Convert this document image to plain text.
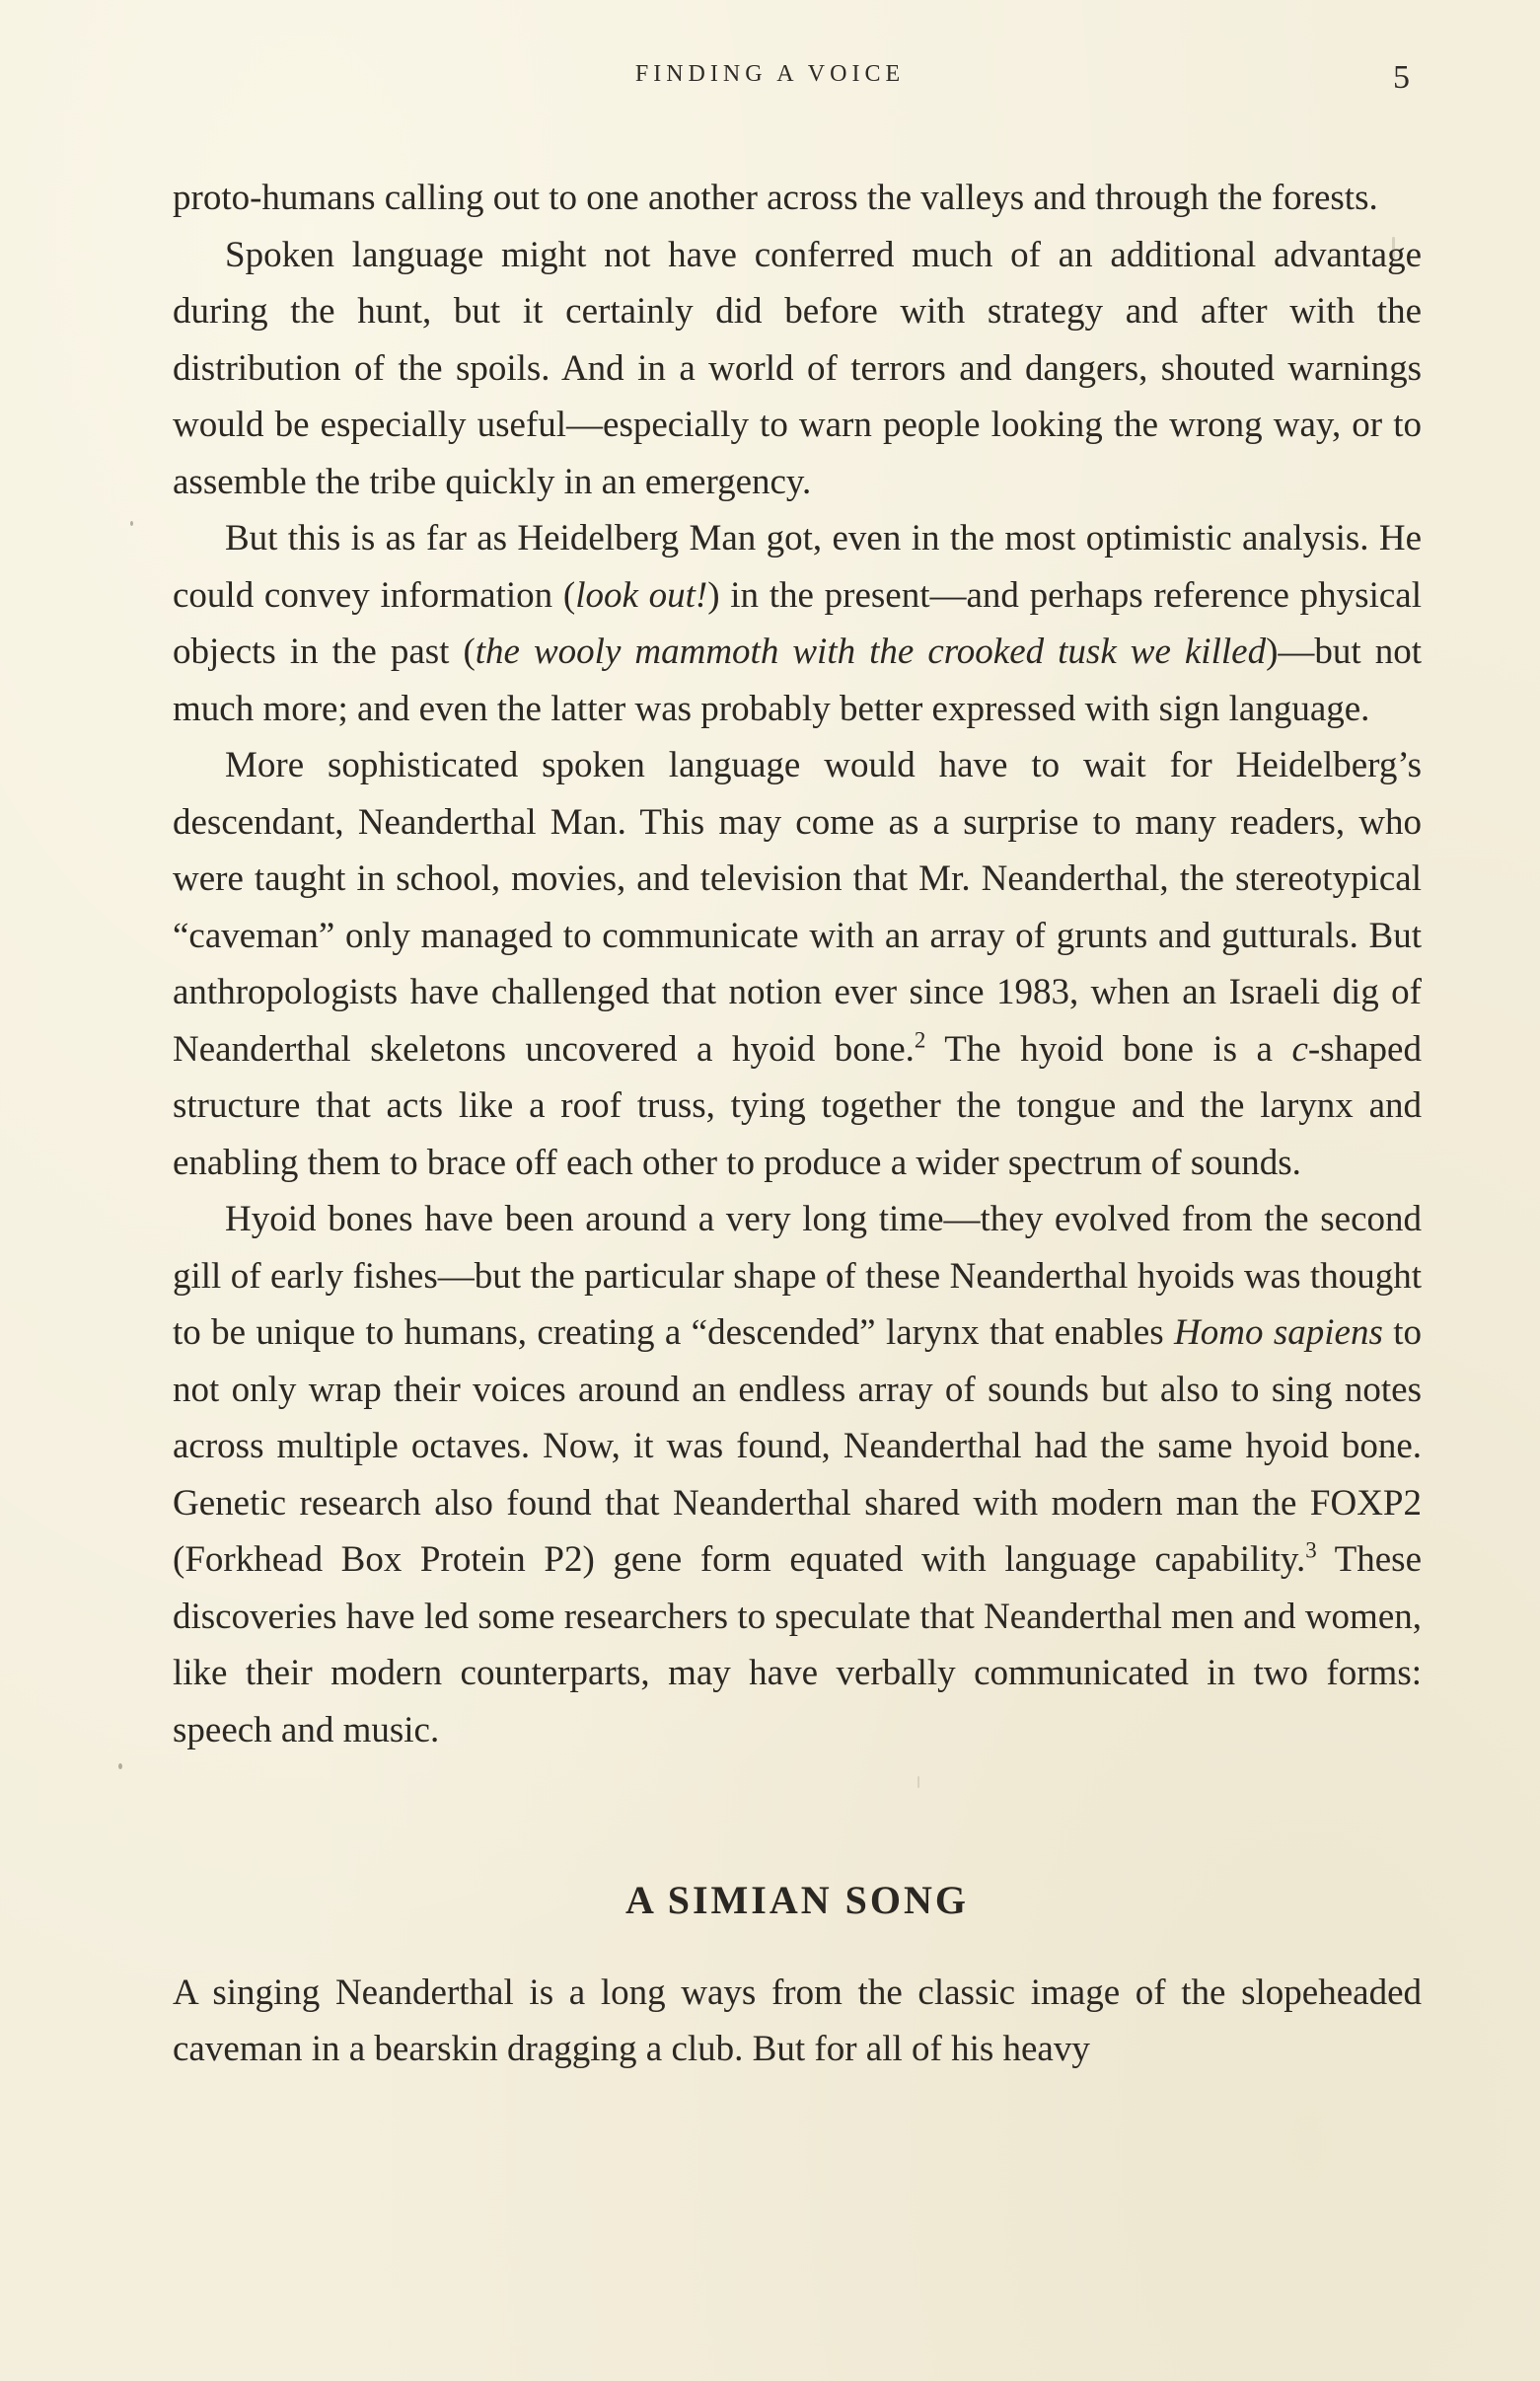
FINDING A VOICE	5

proto-humans calling out to one another across the valleys and through the forests.

Spoken language might not have conferred much of an additional advantage during the hunt, but it certainly did before with strategy and after with the distribution of the spoils. And in a world of terrors and dangers, shouted warnings would be especially useful—especially to warn people looking the wrong way, or to assemble the tribe quickly in an emergency.

But this is as far as Heidelberg Man got, even in the most optimistic analysis. He could convey information (look out!) in the present—and perhaps reference physical objects in the past (the wooly mammoth with the crooked tusk we killed)—but not much more; and even the latter was probably better expressed with sign language.

More sophisticated spoken language would have to wait for Heidelberg’s descendant, Neanderthal Man. This may come as a surprise to many readers, who were taught in school, movies, and television that Mr. Neanderthal, the stereotypical “caveman” only managed to communicate with an array of grunts and gutturals. But anthropologists have challenged that notion ever since 1983, when an Israeli dig of Neanderthal skeletons uncovered a hyoid bone.$^2$ The hyoid bone is a c-shaped structure that acts like a roof truss, tying together the tongue and the larynx and enabling them to brace off each other to produce a wider spectrum of sounds.

Hyoid bones have been around a very long time—they evolved from the second gill of early fishes—but the particular shape of these Neanderthal hyoids was thought to be unique to humans, creating a “descended” larynx that enables Homo sapiens to not only wrap their voices around an endless array of sounds but also to sing notes across multiple octaves. Now, it was found, Neanderthal had the same hyoid bone. Genetic research also found that Neanderthal shared with modern man the FOXP2 (Forkhead Box Protein P2) gene form equated with language capability.$^3$ These discoveries have led some researchers to speculate that Neanderthal men and women, like their modern counterparts, may have verbally communicated in two forms: speech and music.

A SIMIAN SONG

A singing Neanderthal is a long ways from the classic image of the slopeheaded caveman in a bearskin dragging a club. But for all of his heavy
